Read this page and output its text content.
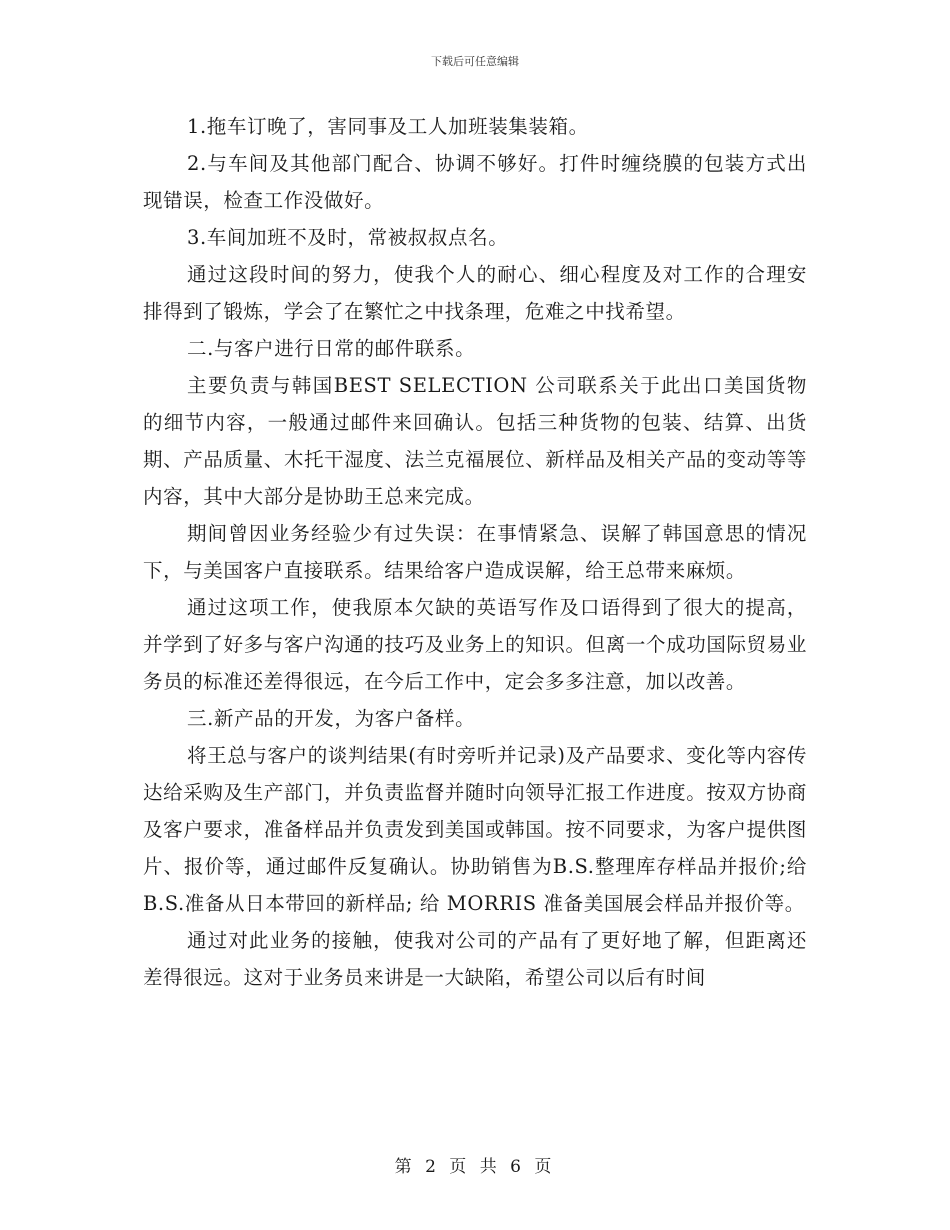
下载后可任意编辑

1.拖车订晚了，害同事及工人加班装集装箱。

2.与车间及其他部门配合、协调不够好。打件时缠绕膜的包装方式出现错误，检查工作没做好。

3.车间加班不及时，常被叔叔点名。

通过这段时间的努力，使我个人的耐心、细心程度及对工作的合理安排得到了锻炼，学会了在繁忙之中找条理，危难之中找希望。

二.与客户进行日常的邮件联系。

主要负责与韩国BEST SELECTION 公司联系关于此出口美国货物的细节内容，一般通过邮件来回确认。包括三种货物的包装、结算、出货期、产品质量、木托干湿度、法兰克福展位、新样品及相关产品的变动等等内容，其中大部分是协助王总来完成。

期间曾因业务经验少有过失误：在事情紧急、误解了韩国意思的情况下，与美国客户直接联系。结果给客户造成误解，给王总带来麻烦。

通过这项工作，使我原本欠缺的英语写作及口语得到了很大的提高，并学到了好多与客户沟通的技巧及业务上的知识。但离一个成功国际贸易业务员的标准还差得很远，在今后工作中，定会多多注意，加以改善。

三.新产品的开发，为客户备样。

将王总与客户的谈判结果(有时旁听并记录)及产品要求、变化等内容传达给采购及生产部门，并负责监督并随时向领导汇报工作进度。按双方协商及客户要求，准备样品并负责发到美国或韩国。按不同要求，为客户提供图片、报价等，通过邮件反复确认。协助销售为B.S.整理库存样品并报价;给B.S.准备从日本带回的新样品; 给 MORRIS 准备美国展会样品并报价等。

通过对此业务的接触，使我对公司的产品有了更好地了解，但距离还差得很远。这对于业务员来讲是一大缺陷，希望公司以后有时间

第 2 页 共 6 页
